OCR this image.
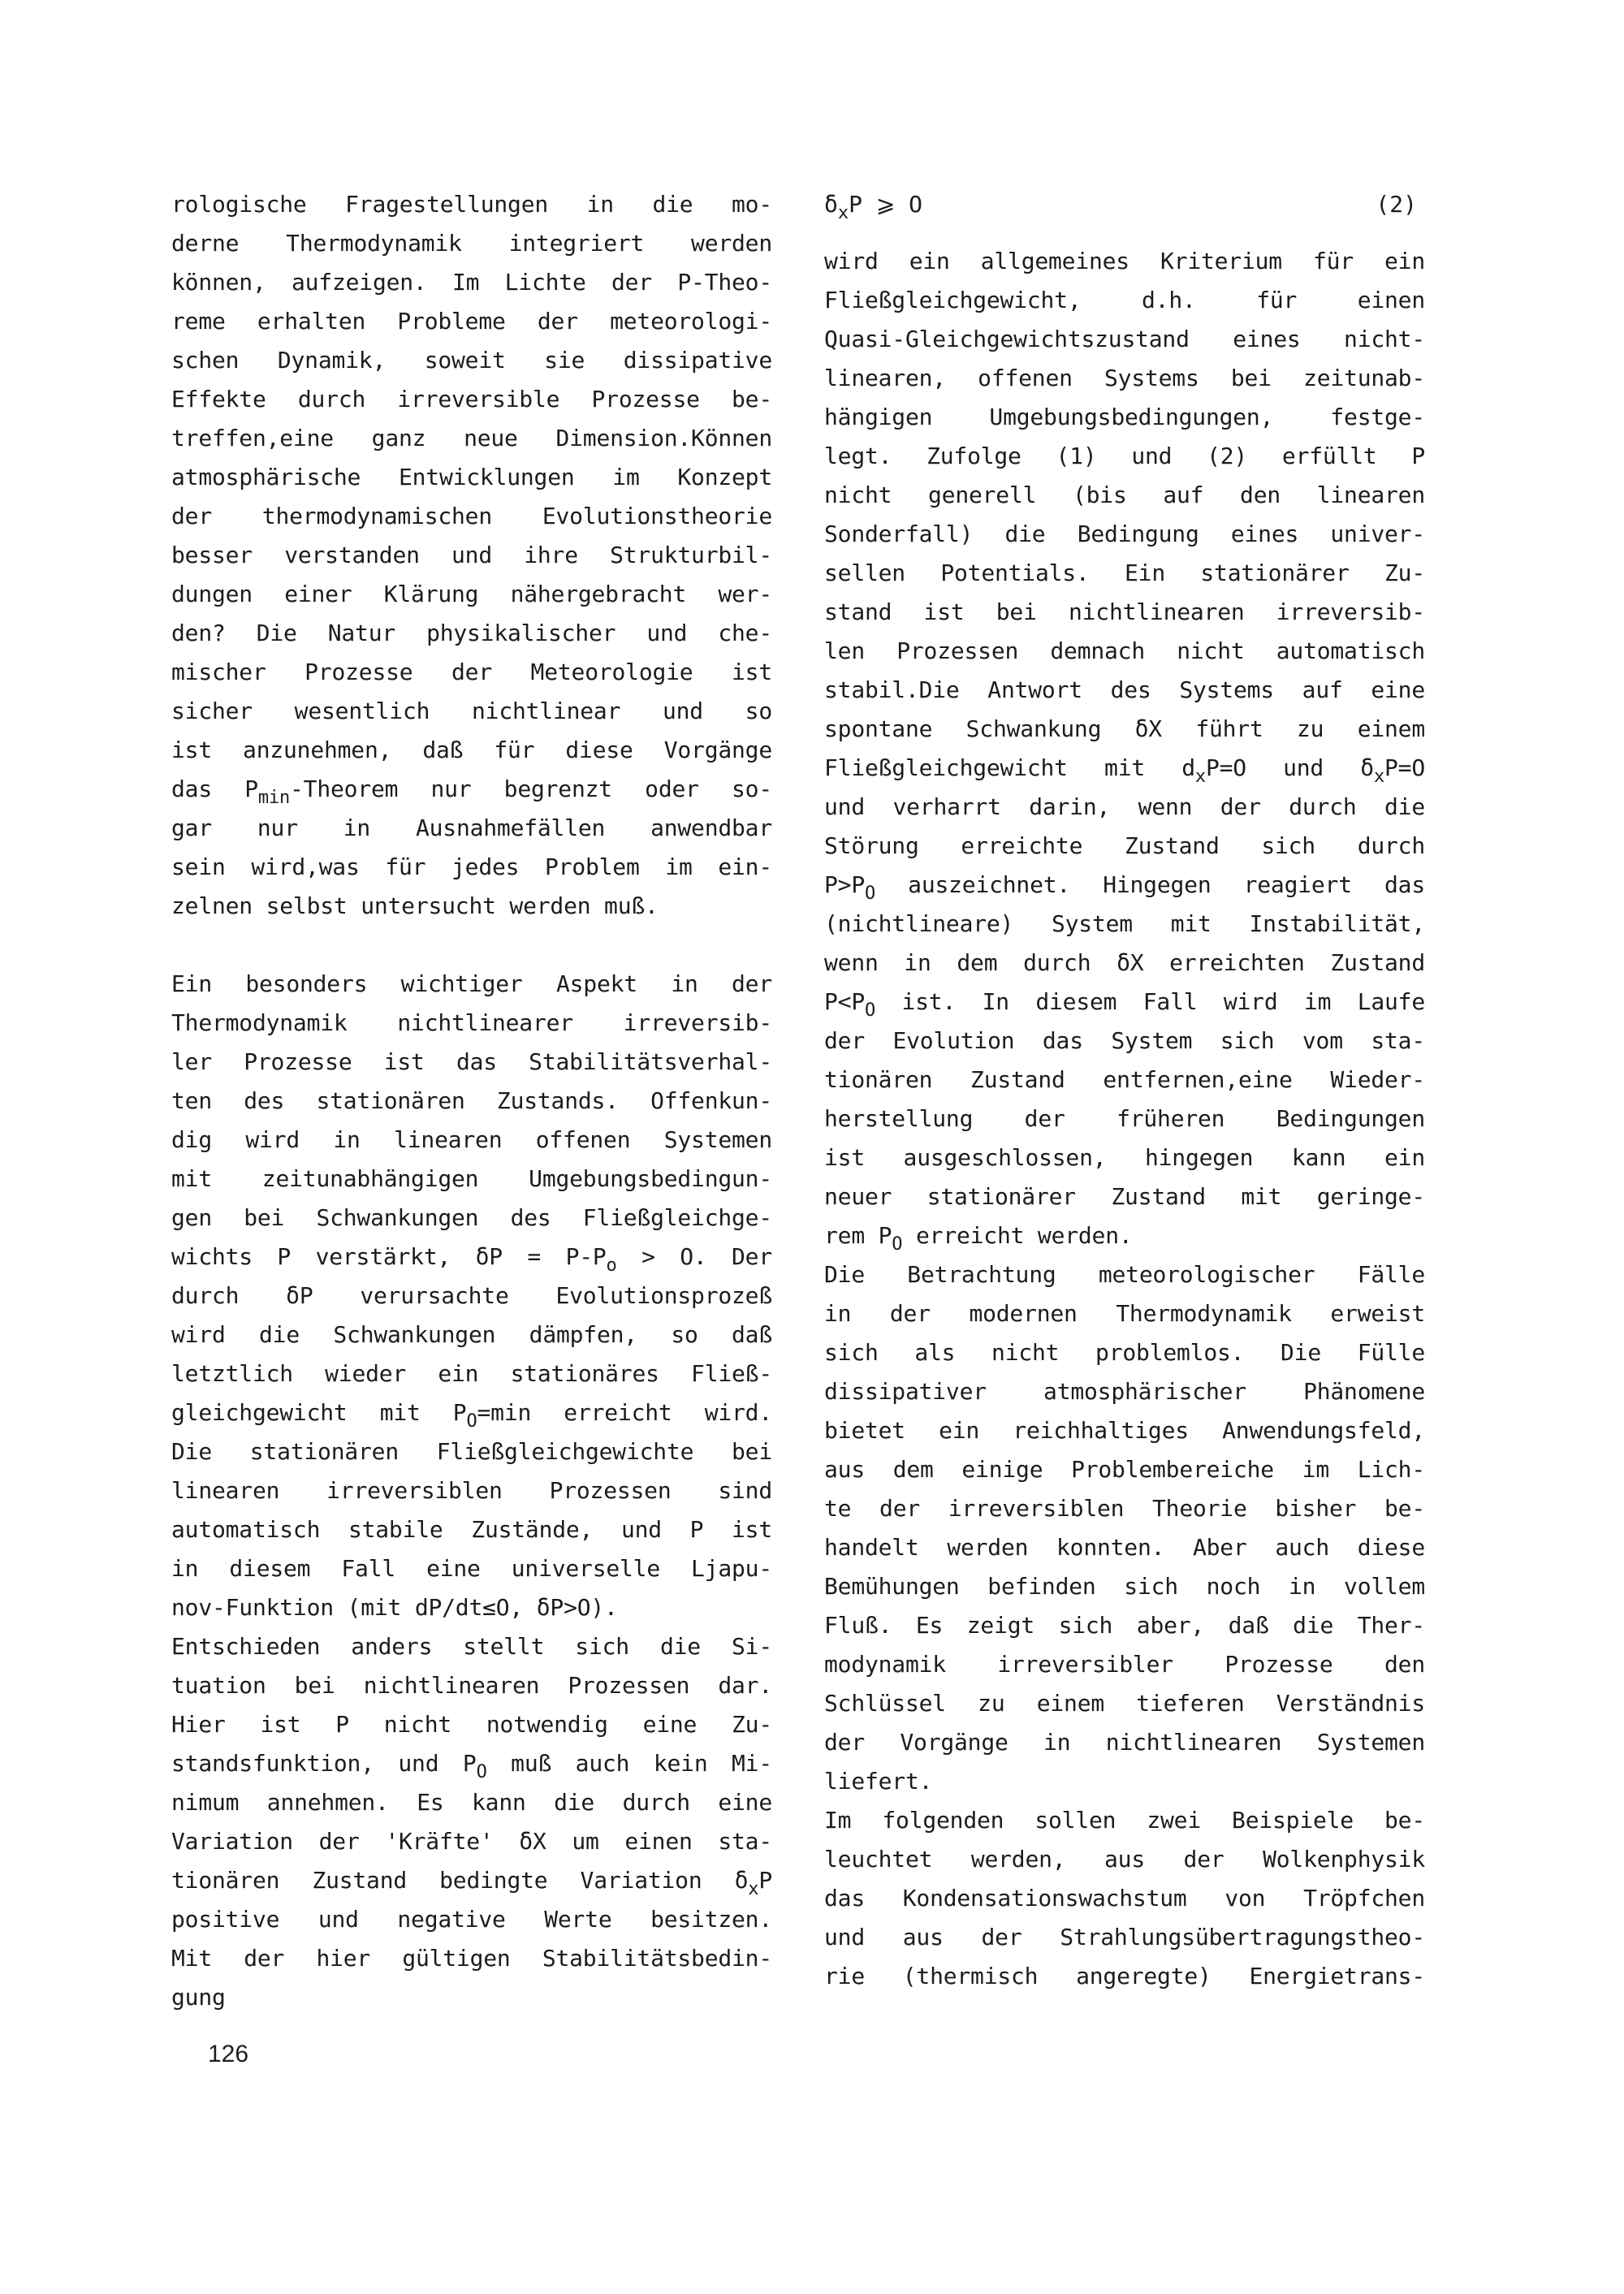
rologische Fragestellungen in die mo-
derne Thermodynamik integriert werden
können, aufzeigen. Im Lichte der P-Theo-
reme erhalten Probleme der meteorologi-
schen Dynamik, soweit sie dissipative
Effekte durch irreversible Prozesse be-
treffen,eine ganz neue Dimension.Können
atmosphärische Entwicklungen im Konzept
der thermodynamischen Evolutionstheorie
besser verstanden und ihre Strukturbil-
dungen einer Klärung nähergebracht wer-
den? Die Natur physikalischer und che-
mischer Prozesse der Meteorologie ist
sicher wesentlich nichtlinear und so
ist anzunehmen, daß für diese Vorgänge
das $P_{min}$-Theorem nur begrenzt oder so-
gar nur in Ausnahmefällen anwendbar
sein wird,was für jedes Problem im ein-
zelnen selbst untersucht werden muß.
Ein besonders wichtiger Aspekt in der
Thermodynamik nichtlinearer irreversib-
ler Prozesse ist das Stabilitätsverhal-
ten des stationären Zustands. Offenkun-
dig wird in linearen offenen Systemen
mit zeitunabhängigen Umgebungsbedingun-
gen bei Schwankungen des Fließgleichge-
wichts P verstärkt, $\delta P = P-P_o > O$. Der
durch δP verursachte Evolutionsprozeß
wird die Schwankungen dämpfen, so daß
letztlich wieder ein stationäres Fließ-
gleichgewicht mit $P_O=\min$ erreicht wird.
Die stationären Fließgleichgewichte bei
linearen irreversiblen Prozessen sind
automatisch stabile Zustände, und P ist
in diesem Fall eine universelle Ljapu-
nov-Funktion (mit dP/dt≤O, δP>O).
Entschieden anders stellt sich die Si-
tuation bei nichtlinearen Prozessen dar.
Hier ist P nicht notwendig eine Zu-
standsfunktion, und $P_O$ muß auch kein Mi-
nimum annehmen. Es kann die durch eine
Variation der 'Kräfte' δX um einen sta-
tionären Zustand bedingte Variation $\delta_xP$
positive und negative Werte besitzen.
Mit der hier gültigen Stabilitätsbedin-
gung
$\delta_xP$ ⩾ O	(2)
wird ein allgemeines Kriterium für ein
Fließgleichgewicht, d.h. für einen
Quasi-Gleichgewichtszustand eines nicht-
linearen, offenen Systems bei zeitunab-
hängigen Umgebungsbedingungen, festge-
legt. Zufolge (1) und (2) erfüllt P
nicht generell (bis auf den linearen
Sonderfall) die Bedingung eines univer-
sellen Potentials. Ein stationärer Zu-
stand ist bei nichtlinearen irreversib-
len Prozessen demnach nicht automatisch
stabil.Die Antwort des Systems auf eine
spontane Schwankung δX führt zu einem
Fließgleichgewicht mit $d_xP=O$ und $\delta_xP=O$
und verharrt darin, wenn der durch die
Störung erreichte Zustand sich durch
$P>P_O$ auszeichnet. Hingegen reagiert das
(nichtlineare) System mit Instabilität,
wenn in dem durch δX erreichten Zustand
$P<P_O$ ist. In diesem Fall wird im Laufe
der Evolution das System sich vom sta-
tionären Zustand entfernen,eine Wieder-
herstellung der früheren Bedingungen
ist ausgeschlossen, hingegen kann ein
neuer stationärer Zustand mit geringe-
rem $P_O$ erreicht werden.
Die Betrachtung meteorologischer Fälle
in der modernen Thermodynamik erweist
sich als nicht problemlos. Die Fülle
dissipativer atmosphärischer Phänomene
bietet ein reichhaltiges Anwendungsfeld,
aus dem einige Problembereiche im Lich-
te der irreversiblen Theorie bisher be-
handelt werden konnten. Aber auch diese
Bemühungen befinden sich noch in vollem
Fluß. Es zeigt sich aber, daß die Ther-
modynamik irreversibler Prozesse den
Schlüssel zu einem tieferen Verständnis
der Vorgänge in nichtlinearen Systemen
liefert.
Im folgenden sollen zwei Beispiele be-
leuchtet werden, aus der Wolkenphysik
das Kondensationswachstum von Tröpfchen
und aus der Strahlungsübertragungstheo-
rie (thermisch angeregte) Energietrans-
126
